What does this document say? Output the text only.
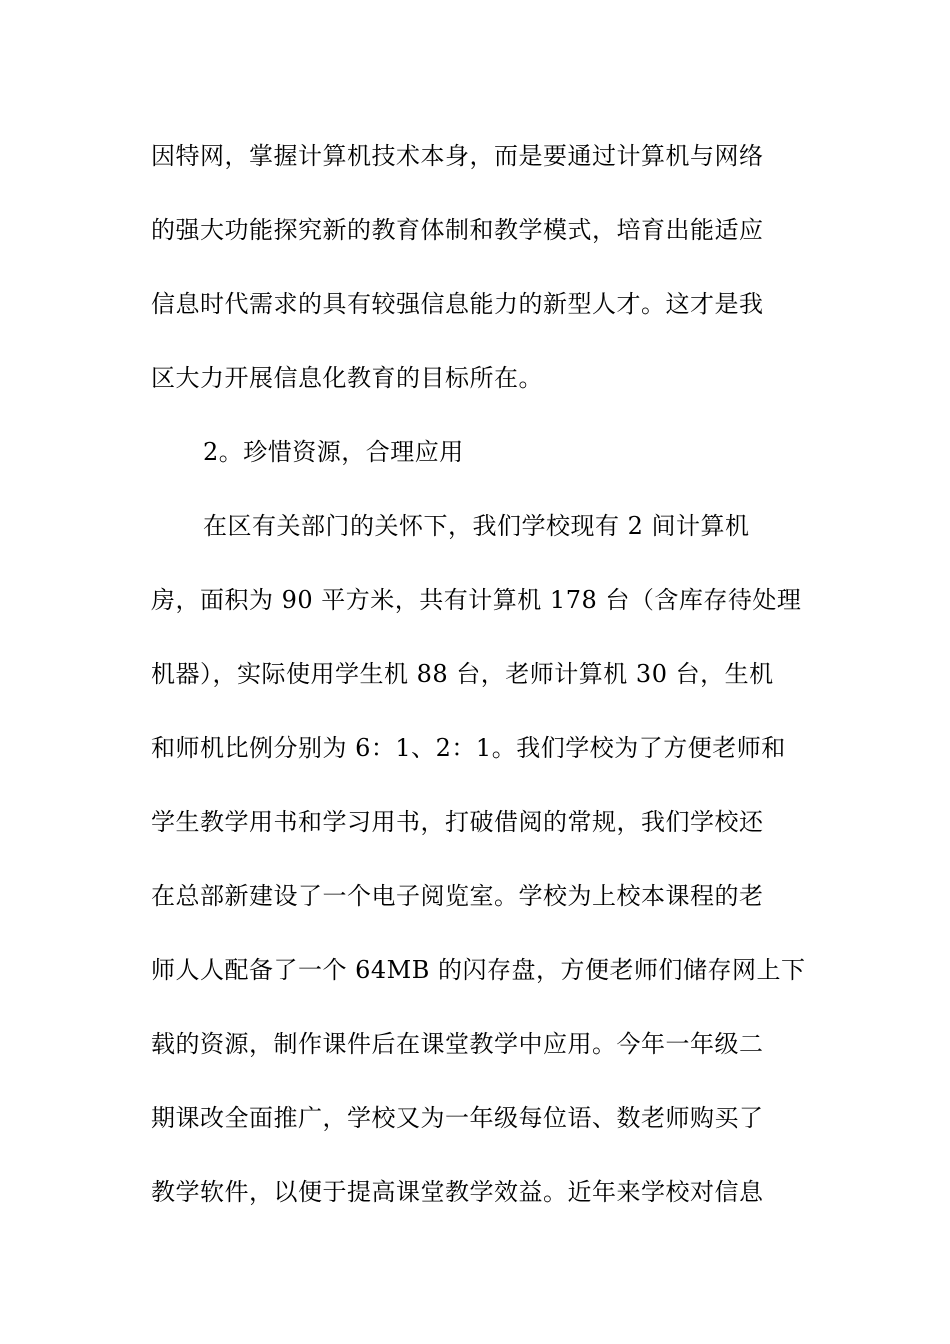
因特网，掌握计算机技术本身，而是要通过计算机与网络
的强大功能探究新的教育体制和教学模式，培育出能适应
信息时代需求的具有较强信息能力的新型人才。这才是我
区大力开展信息化教育的目标所在。
2。珍惜资源，合理应用
在区有关部门的关怀下，我们学校现有 2 间计算机
房，面积为 90 平方米，共有计算机 178 台（含库存待处理
机器），实际使用学生机 88 台，老师计算机 30 台，生机
和师机比例分别为 6：1、2：1。我们学校为了方便老师和
学生教学用书和学习用书，打破借阅的常规，我们学校还
在总部新建设了一个电子阅览室。学校为上校本课程的老
师人人配备了一个 64MB 的闪存盘，方便老师们储存网上下
载的资源，制作课件后在课堂教学中应用。今年一年级二
期课改全面推广，学校又为一年级每位语、数老师购买了
教学软件，以便于提高课堂教学效益。近年来学校对信息
